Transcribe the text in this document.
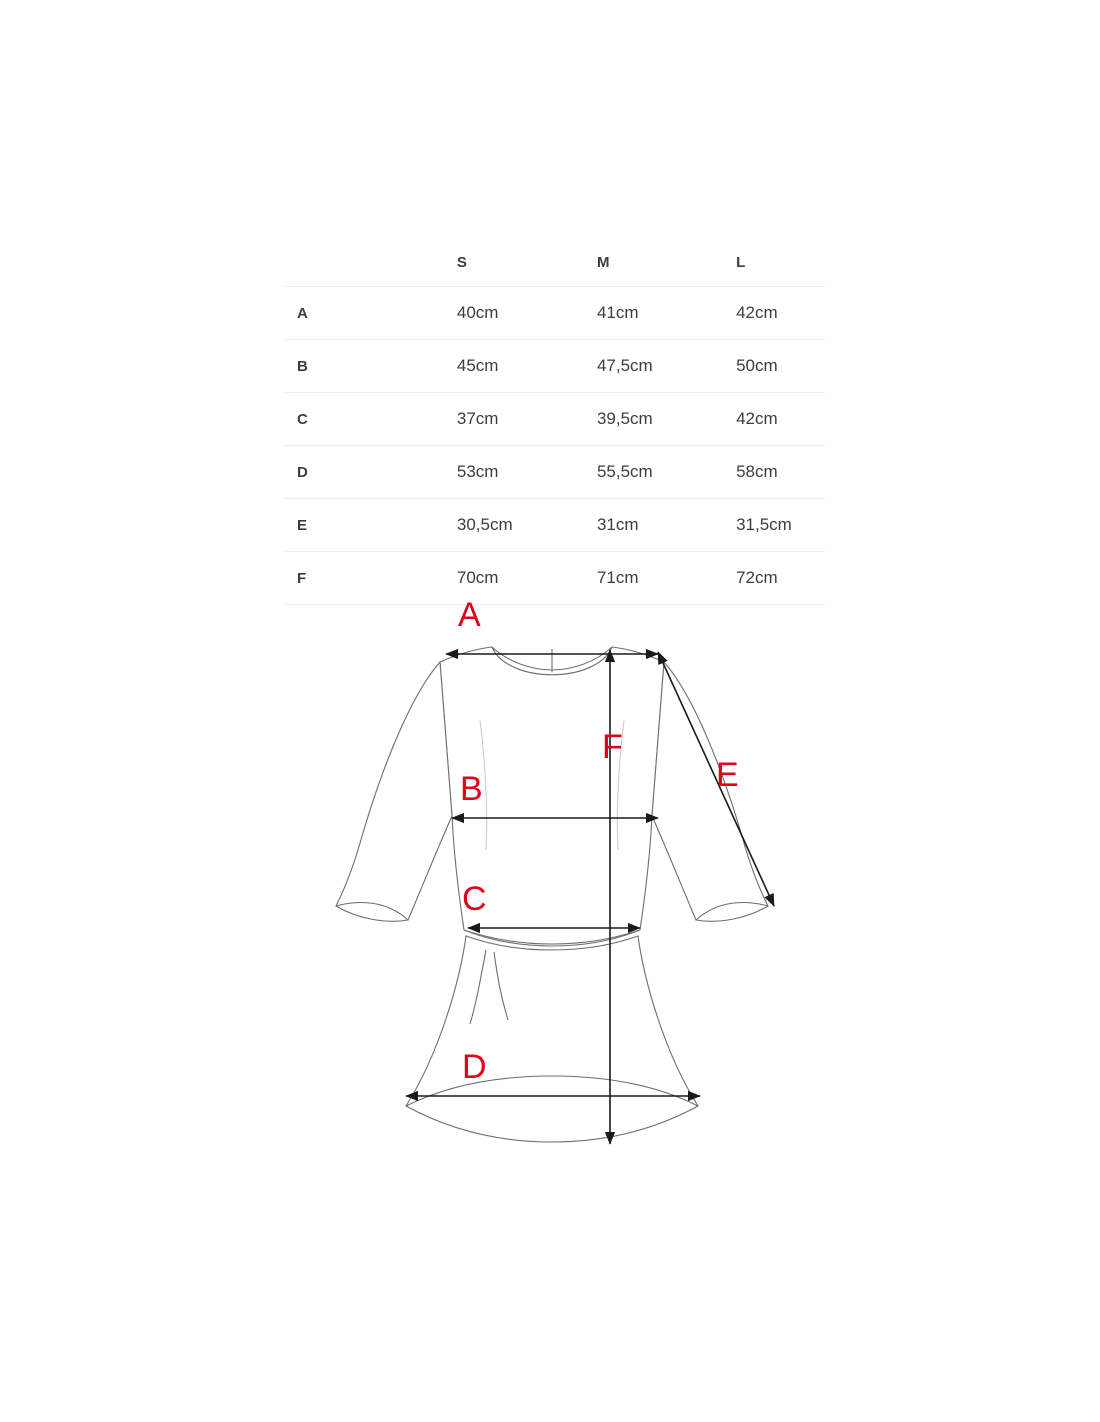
	S	M	L
A	40cm	41cm	42cm
B	45cm	47,5cm	50cm
C	37cm	39,5cm	42cm
D	53cm	55,5cm	58cm
E	30,5cm	31cm	31,5cm
F	70cm	71cm	72cm
A
B
C
D
E
F
